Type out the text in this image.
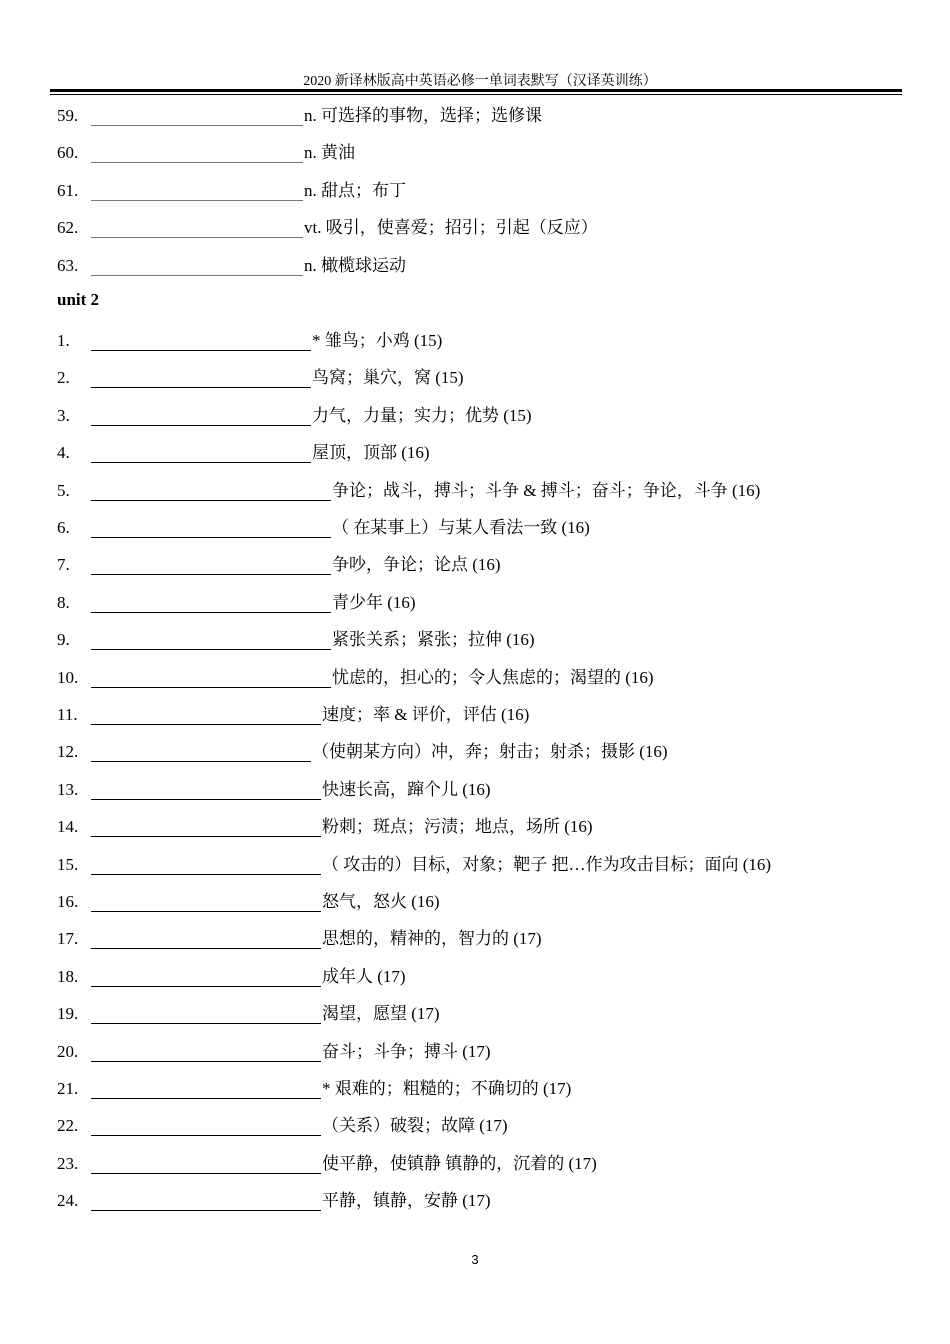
2020 新译林版高中英语必修一单词表默写（汉译英训练）
59.	n. 可选择的事物，选择；选修课
60.	n. 黄油
61.	n. 甜点；布丁
62.	vt. 吸引，使喜爱；招引；引起（反应）
63.	n. 橄榄球运动
unit 2
1.	* 雏鸟；小鸡 (15)
2.	鸟窝；巢穴，窝 (15)
3.	力气，力量；实力；优势 (15)
4.	屋顶，顶部 (16)
5.	争论；战斗，搏斗；斗争 & 搏斗；奋斗；争论，斗争 (16)
6.	（ 在某事上）与某人看法一致 (16)
7.	争吵，争论；论点 (16)
8.	青少年 (16)
9.	紧张关系；紧张；拉伸 (16)
10.	忧虑的，担心的；令人焦虑的；渴望的 (16)
11.	速度；率 & 评价，评估 (16)
12.	（使朝某方向）冲，奔；射击；射杀；摄影 (16)
13.	快速长高，蹿个儿 (16)
14.	粉刺；斑点；污渍；地点，场所 (16)
15.	（ 攻击的）目标，对象；靶子 把…作为攻击目标；面向 (16)
16.	怒气，怒火 (16)
17.	思想的，精神的，智力的 (17)
18.	成年人 (17)
19.	渴望，愿望 (17)
20.	奋斗；斗争；搏斗 (17)
21.	* 艰难的；粗糙的；不确切的 (17)
22.	（关系）破裂；故障 (17)
23.	使平静，使镇静 镇静的，沉着的 (17)
24.	平静，镇静，安静 (17)
3
